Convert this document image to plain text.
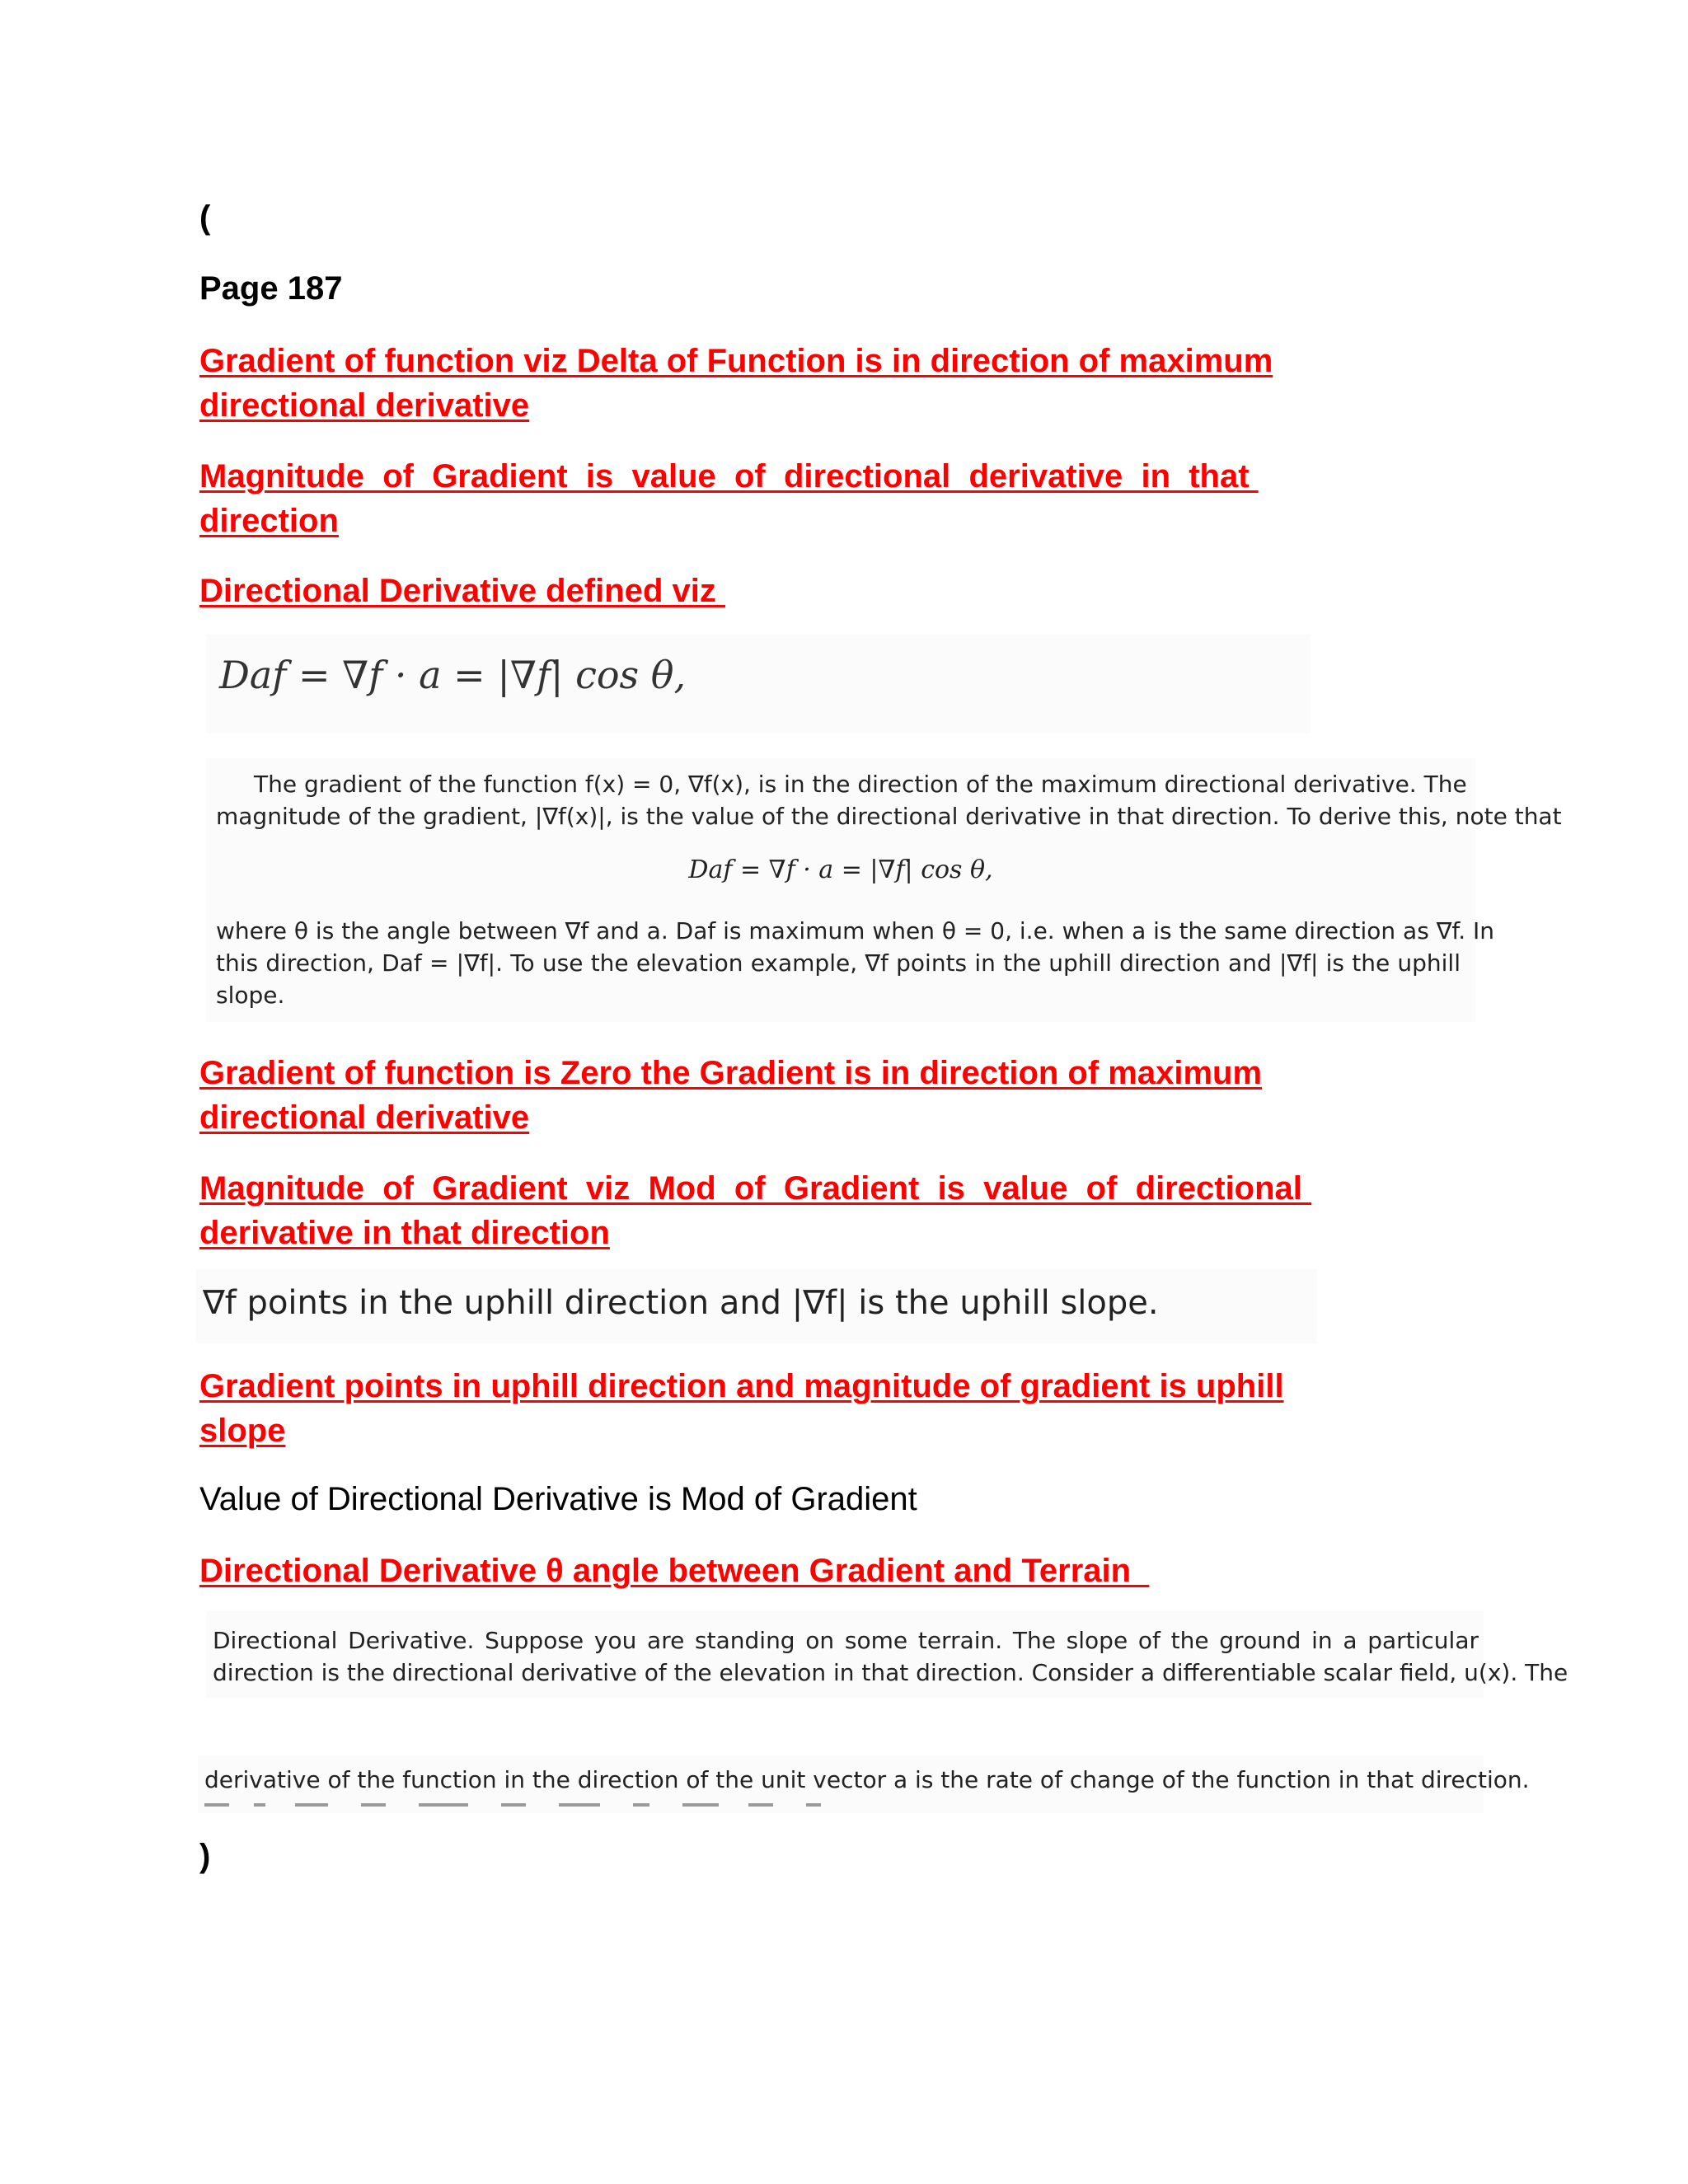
(
Page 187
Gradient of function viz Delta of Function is in direction of maximum
directional derivative
Magnitude  of  Gradient  is  value  of  directional  derivative  in  that
direction
Directional Derivative defined viz
Daf = ∇f · a = |∇f| cos θ,
The gradient of the function f(x) = 0, ∇f(x), is in the direction of the maximum directional derivative. The
magnitude of the gradient, |∇f(x)|, is the value of the directional derivative in that direction. To derive this, note that
Daf = ∇f · a = |∇f| cos θ,
where θ is the angle between ∇f and a. Daf is maximum when θ = 0, i.e. when a is the same direction as ∇f. In
this direction, Daf = |∇f|. To use the elevation example, ∇f points in the uphill direction and |∇f| is the uphill
slope.
Gradient of function is Zero the Gradient is in direction of maximum
directional derivative
Magnitude  of  Gradient  viz  Mod  of  Gradient  is  value  of  directional
derivative in that direction
∇f points in the uphill direction and |∇f| is the uphill slope.
Gradient points in uphill direction and magnitude of gradient is uphill
slope
Value of Directional Derivative is Mod of Gradient
Directional Derivative θ angle between Gradient and Terrain
Directional Derivative. Suppose you are standing on some terrain. The slope of the ground in a particular
direction is the directional derivative of the elevation in that direction. Consider a differentiable scalar field, u(x). The
derivative of the function in the direction of the unit vector a is the rate of change of the function in that direction.
)
